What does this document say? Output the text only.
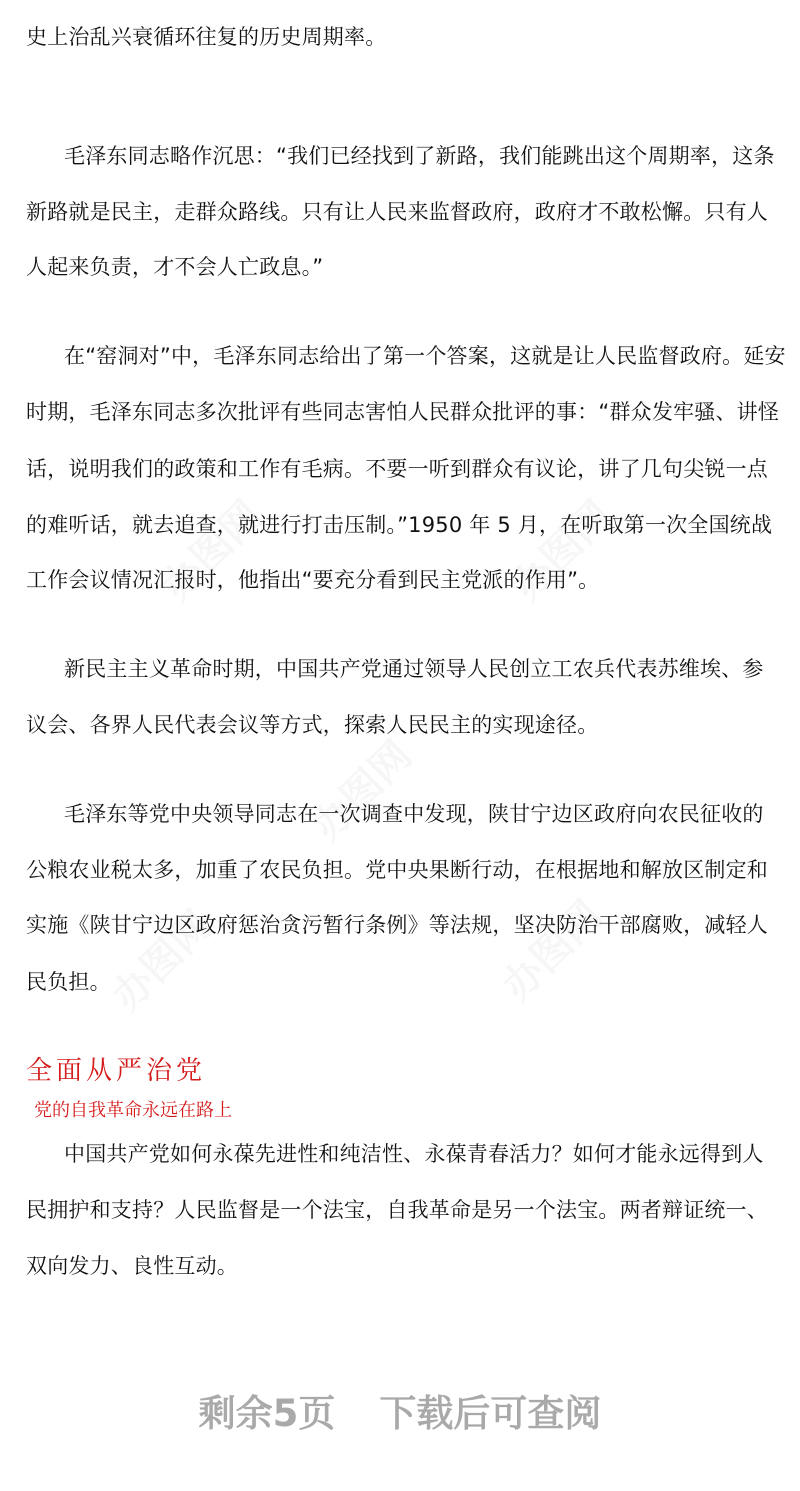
史上治乱兴衰循环往复的历史周期率。
毛泽东同志略作沉思：“我们已经找到了新路，我们能跳出这个周期率，这条
新路就是民主，走群众路线。只有让人民来监督政府，政府才不敢松懈。只有人
人起来负责，才不会人亡政息。”
在“窑洞对”中，毛泽东同志给出了第一个答案，这就是让人民监督政府。延安
时期，毛泽东同志多次批评有些同志害怕人民群众批评的事：“群众发牢骚、讲怪
话，说明我们的政策和工作有毛病。不要一听到群众有议论，讲了几句尖锐一点
的难听话，就去追查，就进行打击压制。”1950 年 5 月，在听取第一次全国统战
工作会议情况汇报时，他指出“要充分看到民主党派的作用”。
新民主主义革命时期，中国共产党通过领导人民创立工农兵代表苏维埃、参
议会、各界人民代表会议等方式，探索人民民主的实现途径。
毛泽东等党中央领导同志在一次调查中发现，陕甘宁边区政府向农民征收的
公粮农业税太多，加重了农民负担。党中央果断行动，在根据地和解放区制定和
实施《陕甘宁边区政府惩治贪污暂行条例》等法规，坚决防治干部腐败，减轻人
民负担。
全面从严治党
党的自我革命永远在路上
中国共产党如何永葆先进性和纯洁性、永葆青春活力？如何才能永远得到人
民拥护和支持？人民监督是一个法宝，自我革命是另一个法宝。两者辩证统一、
双向发力、良性互动。
剩余5页 下载后可查阅
